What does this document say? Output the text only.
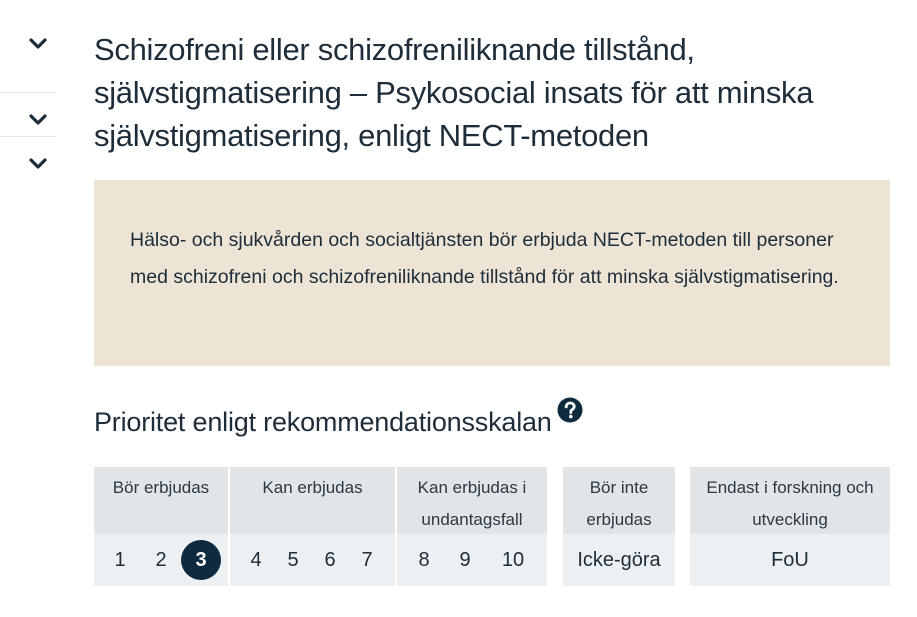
Schizofreni eller schizofreniliknande tillstånd, självstigmatisering – Psykosocial insats för att minska självstigmatisering, enligt NECT-metoden

Hälso- och sjukvården och socialtjänsten bör erbjuda NECT-metoden till personer med schizofreni och schizofreniliknande tillstånd för att minska självstigmatisering.

Prioritet enligt rekommendationsskalan
Bör erbjudas
1	2	3
Kan erbjudas
4	5	6	7
Kan erbjudas i undantagsfall
8	9	10
Bör inte erbjudas
Icke-göra
Endast i forskning och utveckling
FoU
